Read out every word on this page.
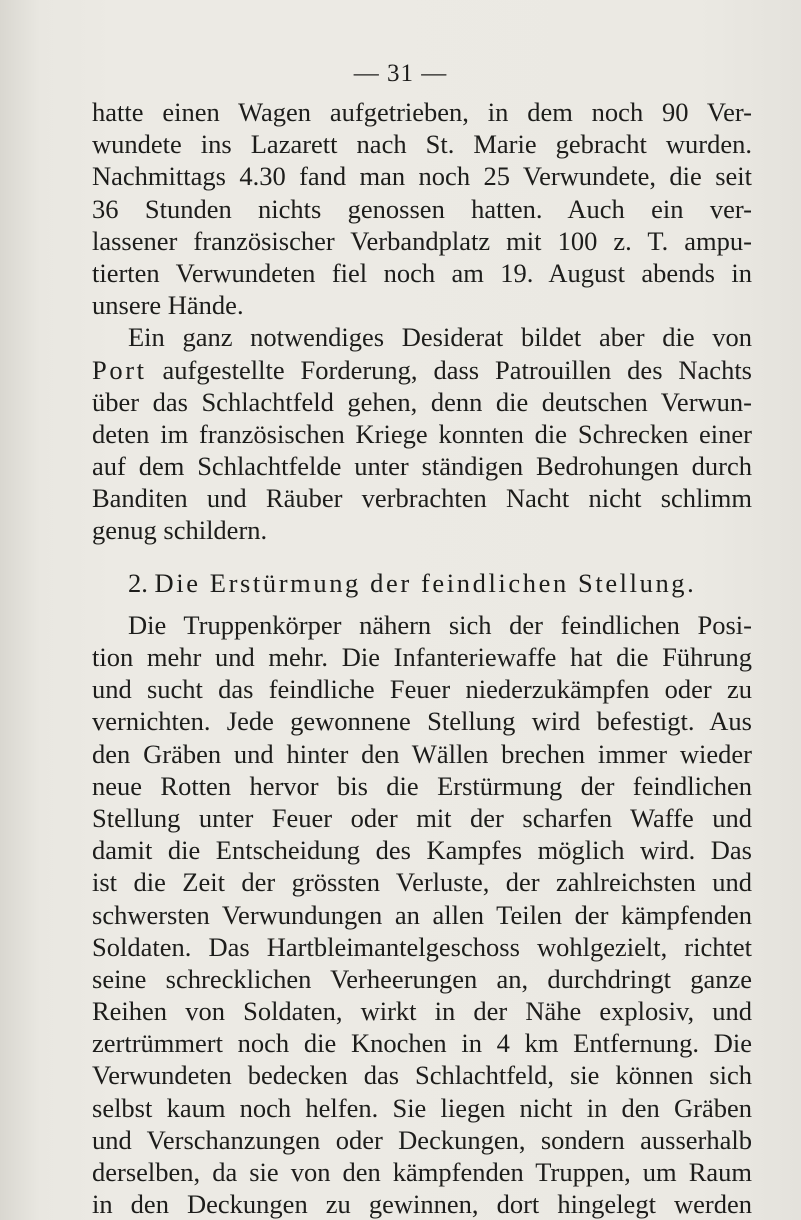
— 31 —
hatte einen Wagen aufgetrieben, in dem noch 90 Ver-
wundete ins Lazarett nach St. Marie gebracht wurden.
Nachmittags 4.30 fand man noch 25 Verwundete, die seit
36 Stunden nichts genossen hatten. Auch ein ver-
lassener französischer Verbandplatz mit 100 z. T. ampu-
tierten Verwundeten fiel noch am 19. August abends in
unsere Hände.
Ein ganz notwendiges Desiderat bildet aber die von
Port aufgestellte Forderung, dass Patrouillen des Nachts
über das Schlachtfeld gehen, denn die deutschen Verwun-
deten im französischen Kriege konnten die Schrecken einer
auf dem Schlachtfelde unter ständigen Bedrohungen durch
Banditen und Räuber verbrachten Nacht nicht schlimm
genug schildern.
2. Die Erstürmung der feindlichen Stellung.
Die Truppenkörper nähern sich der feindlichen Posi-
tion mehr und mehr. Die Infanteriewaffe hat die Führung
und sucht das feindliche Feuer niederzukämpfen oder zu
vernichten. Jede gewonnene Stellung wird befestigt. Aus
den Gräben und hinter den Wällen brechen immer wieder
neue Rotten hervor bis die Erstürmung der feindlichen
Stellung unter Feuer oder mit der scharfen Waffe und
damit die Entscheidung des Kampfes möglich wird. Das
ist die Zeit der grössten Verluste, der zahlreichsten und
schwersten Verwundungen an allen Teilen der kämpfenden
Soldaten. Das Hartbleimantelgeschoss wohlgezielt, richtet
seine schrecklichen Verheerungen an, durchdringt ganze
Reihen von Soldaten, wirkt in der Nähe explosiv, und
zertrümmert noch die Knochen in 4 km Entfernung. Die
Verwundeten bedecken das Schlachtfeld, sie können sich
selbst kaum noch helfen. Sie liegen nicht in den Gräben
und Verschanzungen oder Deckungen, sondern ausserhalb
derselben, da sie von den kämpfenden Truppen, um Raum
in den Deckungen zu gewinnen, dort hingelegt werden
